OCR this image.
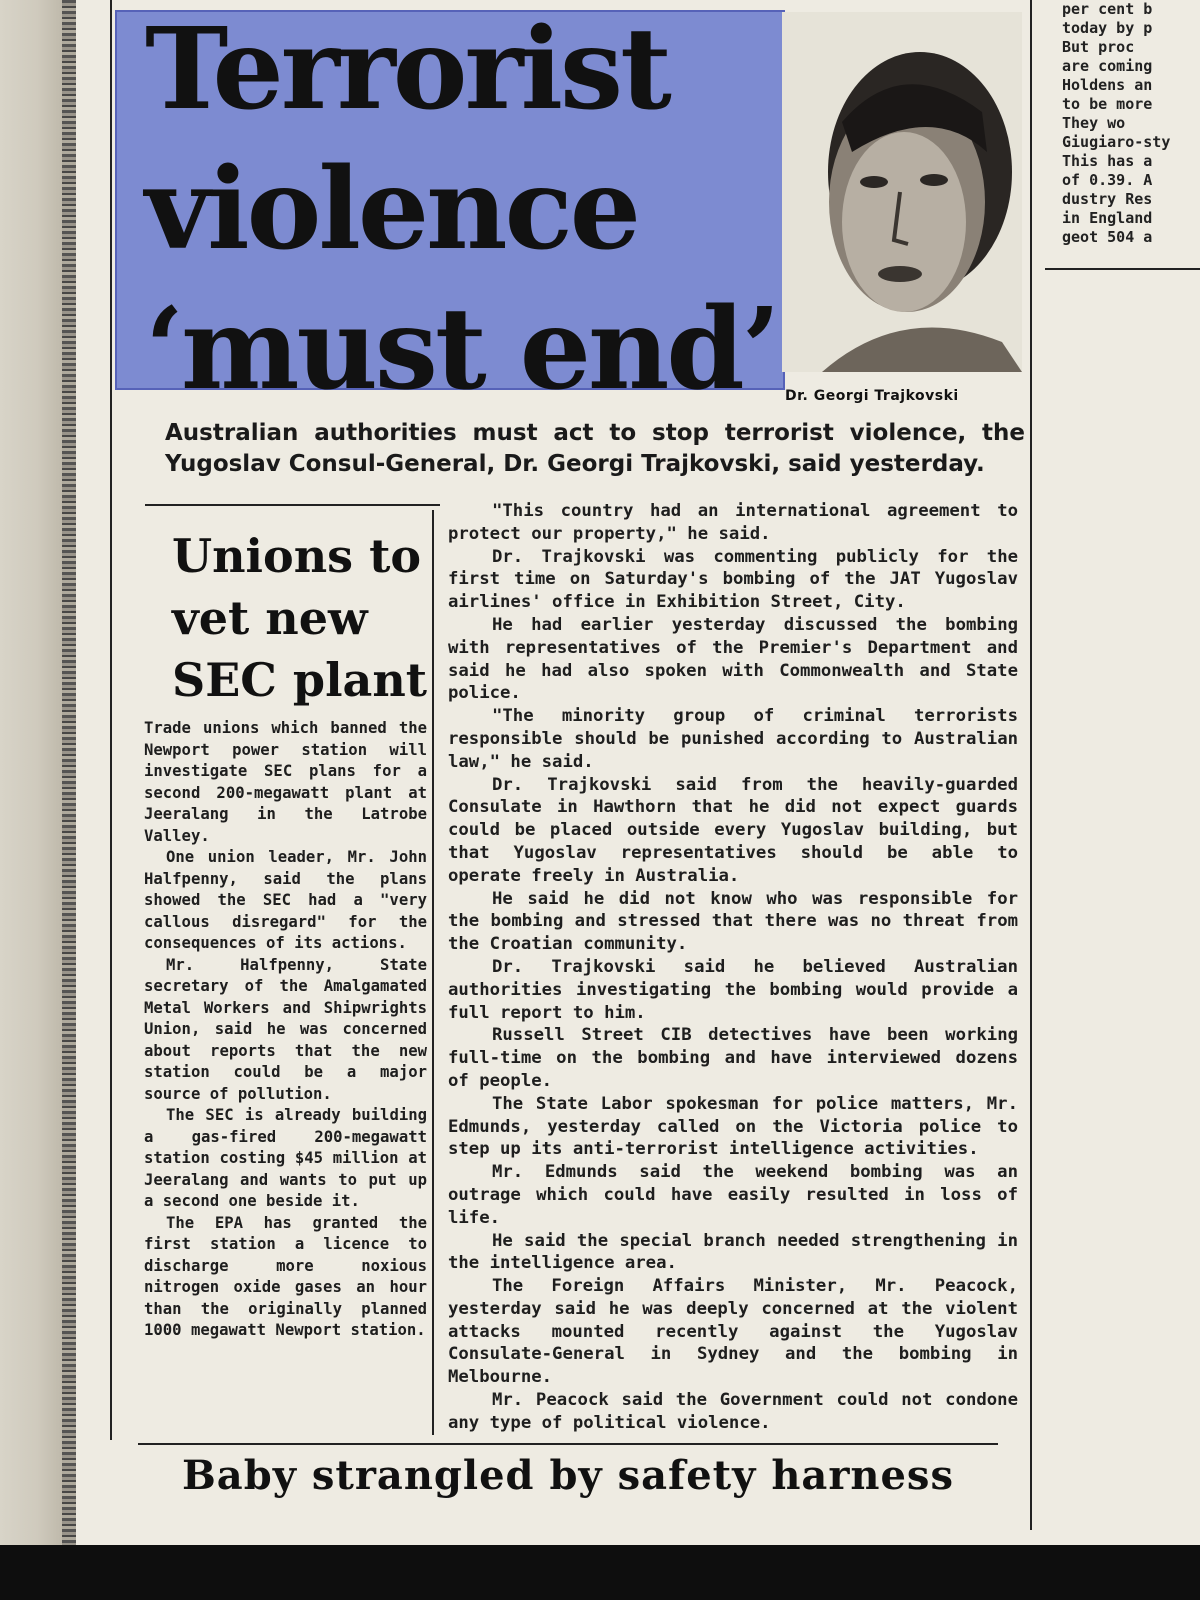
Terrorist
violence
‘must end’ Dr. Georgi Trajkovski
Australian authorities must act to stop terrorist violence, the Yugoslav Consul-General, Dr. Georgi Trajkovski, said yesterday.
Unions to
vet new
SEC plant

Trade unions which banned the Newport power station will investigate SEC plans for a second 200-megawatt plant at Jeeralang in the Latrobe Valley.

One union leader, Mr. John Halfpenny, said the plans showed the SEC had a "very callous disregard" for the consequences of its actions.

Mr. Halfpenny, State secretary of the Amalgamated Metal Workers and Shipwrights Union, said he was concerned about reports that the new station could be a major source of pollution.

The SEC is already building a gas-fired 200-megawatt station costing $45 million at Jeeralang and wants to put up a second one beside it.

The EPA has granted the first station a licence to discharge more noxious nitrogen oxide gases an hour than the originally planned 1000 megawatt Newport station.

"This country had an international agreement to protect our property," he said.

Dr. Trajkovski was commenting publicly for the first time on Saturday's bombing of the JAT Yugoslav airlines' office in Exhibition Street, City.

He had earlier yesterday discussed the bombing with representatives of the Premier's Department and said he had also spoken with Commonwealth and State police.

"The minority group of criminal terrorists responsible should be punished according to Australian law," he said.

Dr. Trajkovski said from the heavily-guarded Consulate in Hawthorn that he did not expect guards could be placed outside every Yugoslav building, but that Yugoslav representatives should be able to operate freely in Australia.

He said he did not know who was responsible for the bombing and stressed that there was no threat from the Croatian community.

Dr. Trajkovski said he believed Australian authorities investigating the bombing would provide a full report to him.

Russell Street CIB detectives have been working full-time on the bombing and have interviewed dozens of people.

The State Labor spokesman for police matters, Mr. Edmunds, yesterday called on the Victoria police to step up its anti-terrorist intelligence activities.

Mr. Edmunds said the weekend bombing was an outrage which could have easily resulted in loss of life.

He said the special branch needed strengthening in the intelligence area.

The Foreign Affairs Minister, Mr. Peacock, yesterday said he was deeply concerned at the violent attacks mounted recently against the Yugoslav Consulate-General in Sydney and the bombing in Melbourne.

Mr. Peacock said the Government could not condone any type of political violence.

Baby strangled by safety harness
per cent b
today by p
But proc
are coming
Holdens an
to be more
They wo
Giugiaro-sty
This has a
of 0.39. A
dustry Res
in England
geot 504 a
